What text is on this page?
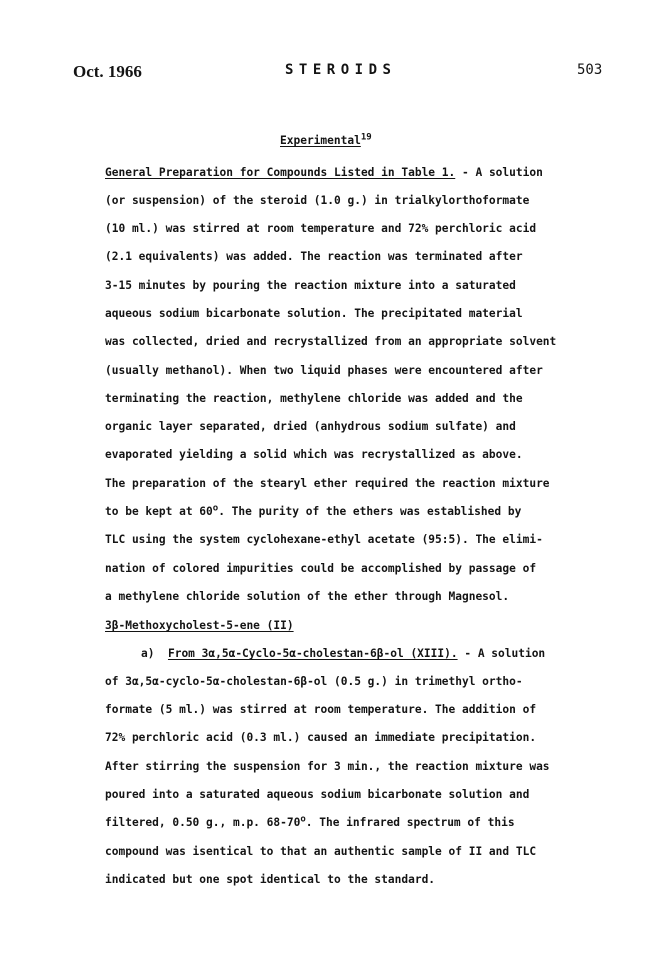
Oct. 1966	STEROIDS	503
Experimental$^{19}$
General Preparation for Compounds Listed in Table 1. - A solution
(or suspension) of the steroid (1.0 g.) in trialkylorthoformate
(10 ml.) was stirred at room temperature and 72% perchloric acid
(2.1 equivalents) was added. The reaction was terminated after
3-15 minutes by pouring the reaction mixture into a saturated
aqueous sodium bicarbonate solution. The precipitated material
was collected, dried and recrystallized from an appropriate solvent
(usually methanol). When two liquid phases were encountered after
terminating the reaction, methylene chloride was added and the
organic layer separated, dried (anhydrous sodium sulfate) and
evaporated yielding a solid which was recrystallized as above.
The preparation of the stearyl ether required the reaction mixture
to be kept at 60$^o$. The purity of the ethers was established by
TLC using the system cyclohexane-ethyl acetate (95:5). The elimi-
nation of colored impurities could be accomplished by passage of
a methylene chloride solution of the ether through Magnesol.
3β-Methoxycholest-5-ene (II)
a) From 3α,5α-Cyclo-5α-cholestan-6β-ol (XIII). - A solution
of 3α,5α-cyclo-5α-cholestan-6β-ol (0.5 g.) in trimethyl ortho-
formate (5 ml.) was stirred at room temperature. The addition of
72% perchloric acid (0.3 ml.) caused an immediate precipitation.
After stirring the suspension for 3 min., the reaction mixture was
poured into a saturated aqueous sodium bicarbonate solution and
filtered, 0.50 g., m.p. 68-70$^o$. The infrared spectrum of this
compound was isentical to that an authentic sample of II and TLC
indicated but one spot identical to the standard.
